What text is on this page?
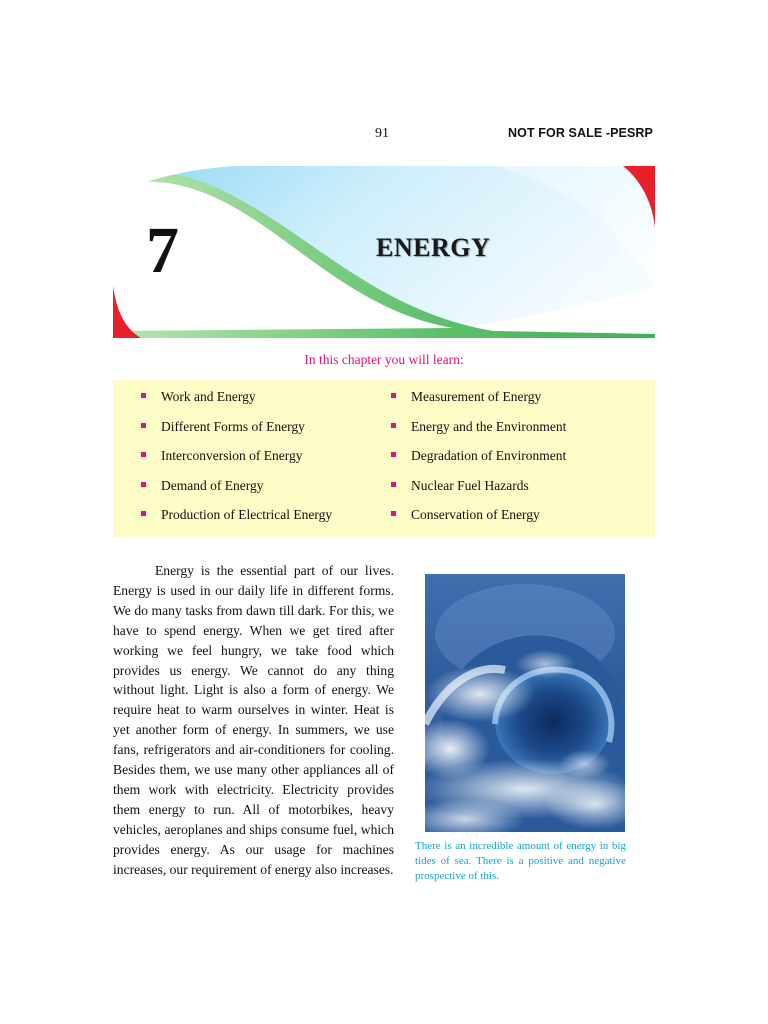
91	NOT FOR SALE -PESRP
7	ENERGY
In this chapter you will learn:
Work and Energy
Different Forms of Energy
Interconversion of Energy
Demand of Energy
Production of Electrical Energy
Measurement of Energy
Energy and the Environment
Degradation of Environment
Nuclear Fuel Hazards
Conservation of Energy

Energy is the essential part of our lives. Energy is used in our daily life in different forms. We do many tasks from dawn till dark. For this, we have to spend energy. When we get tired after working we feel hungry, we take food which provides us energy. We cannot do any thing without light. Light is also a form of energy. We require heat to warm ourselves in winter. Heat is yet another form of energy. In summers, we use fans, refrigerators and air-conditioners for cooling. Besides them, we use many other appliances all of them work with electricity. Electricity provides them energy to run. All of motorbikes, heavy vehicles, aeroplanes and ships consume fuel, which provides energy. As our usage for machines increases, our requirement of energy also increases.

There is an incredible amount of energy in big tides of sea. There is a positive and negative prospective of this.
